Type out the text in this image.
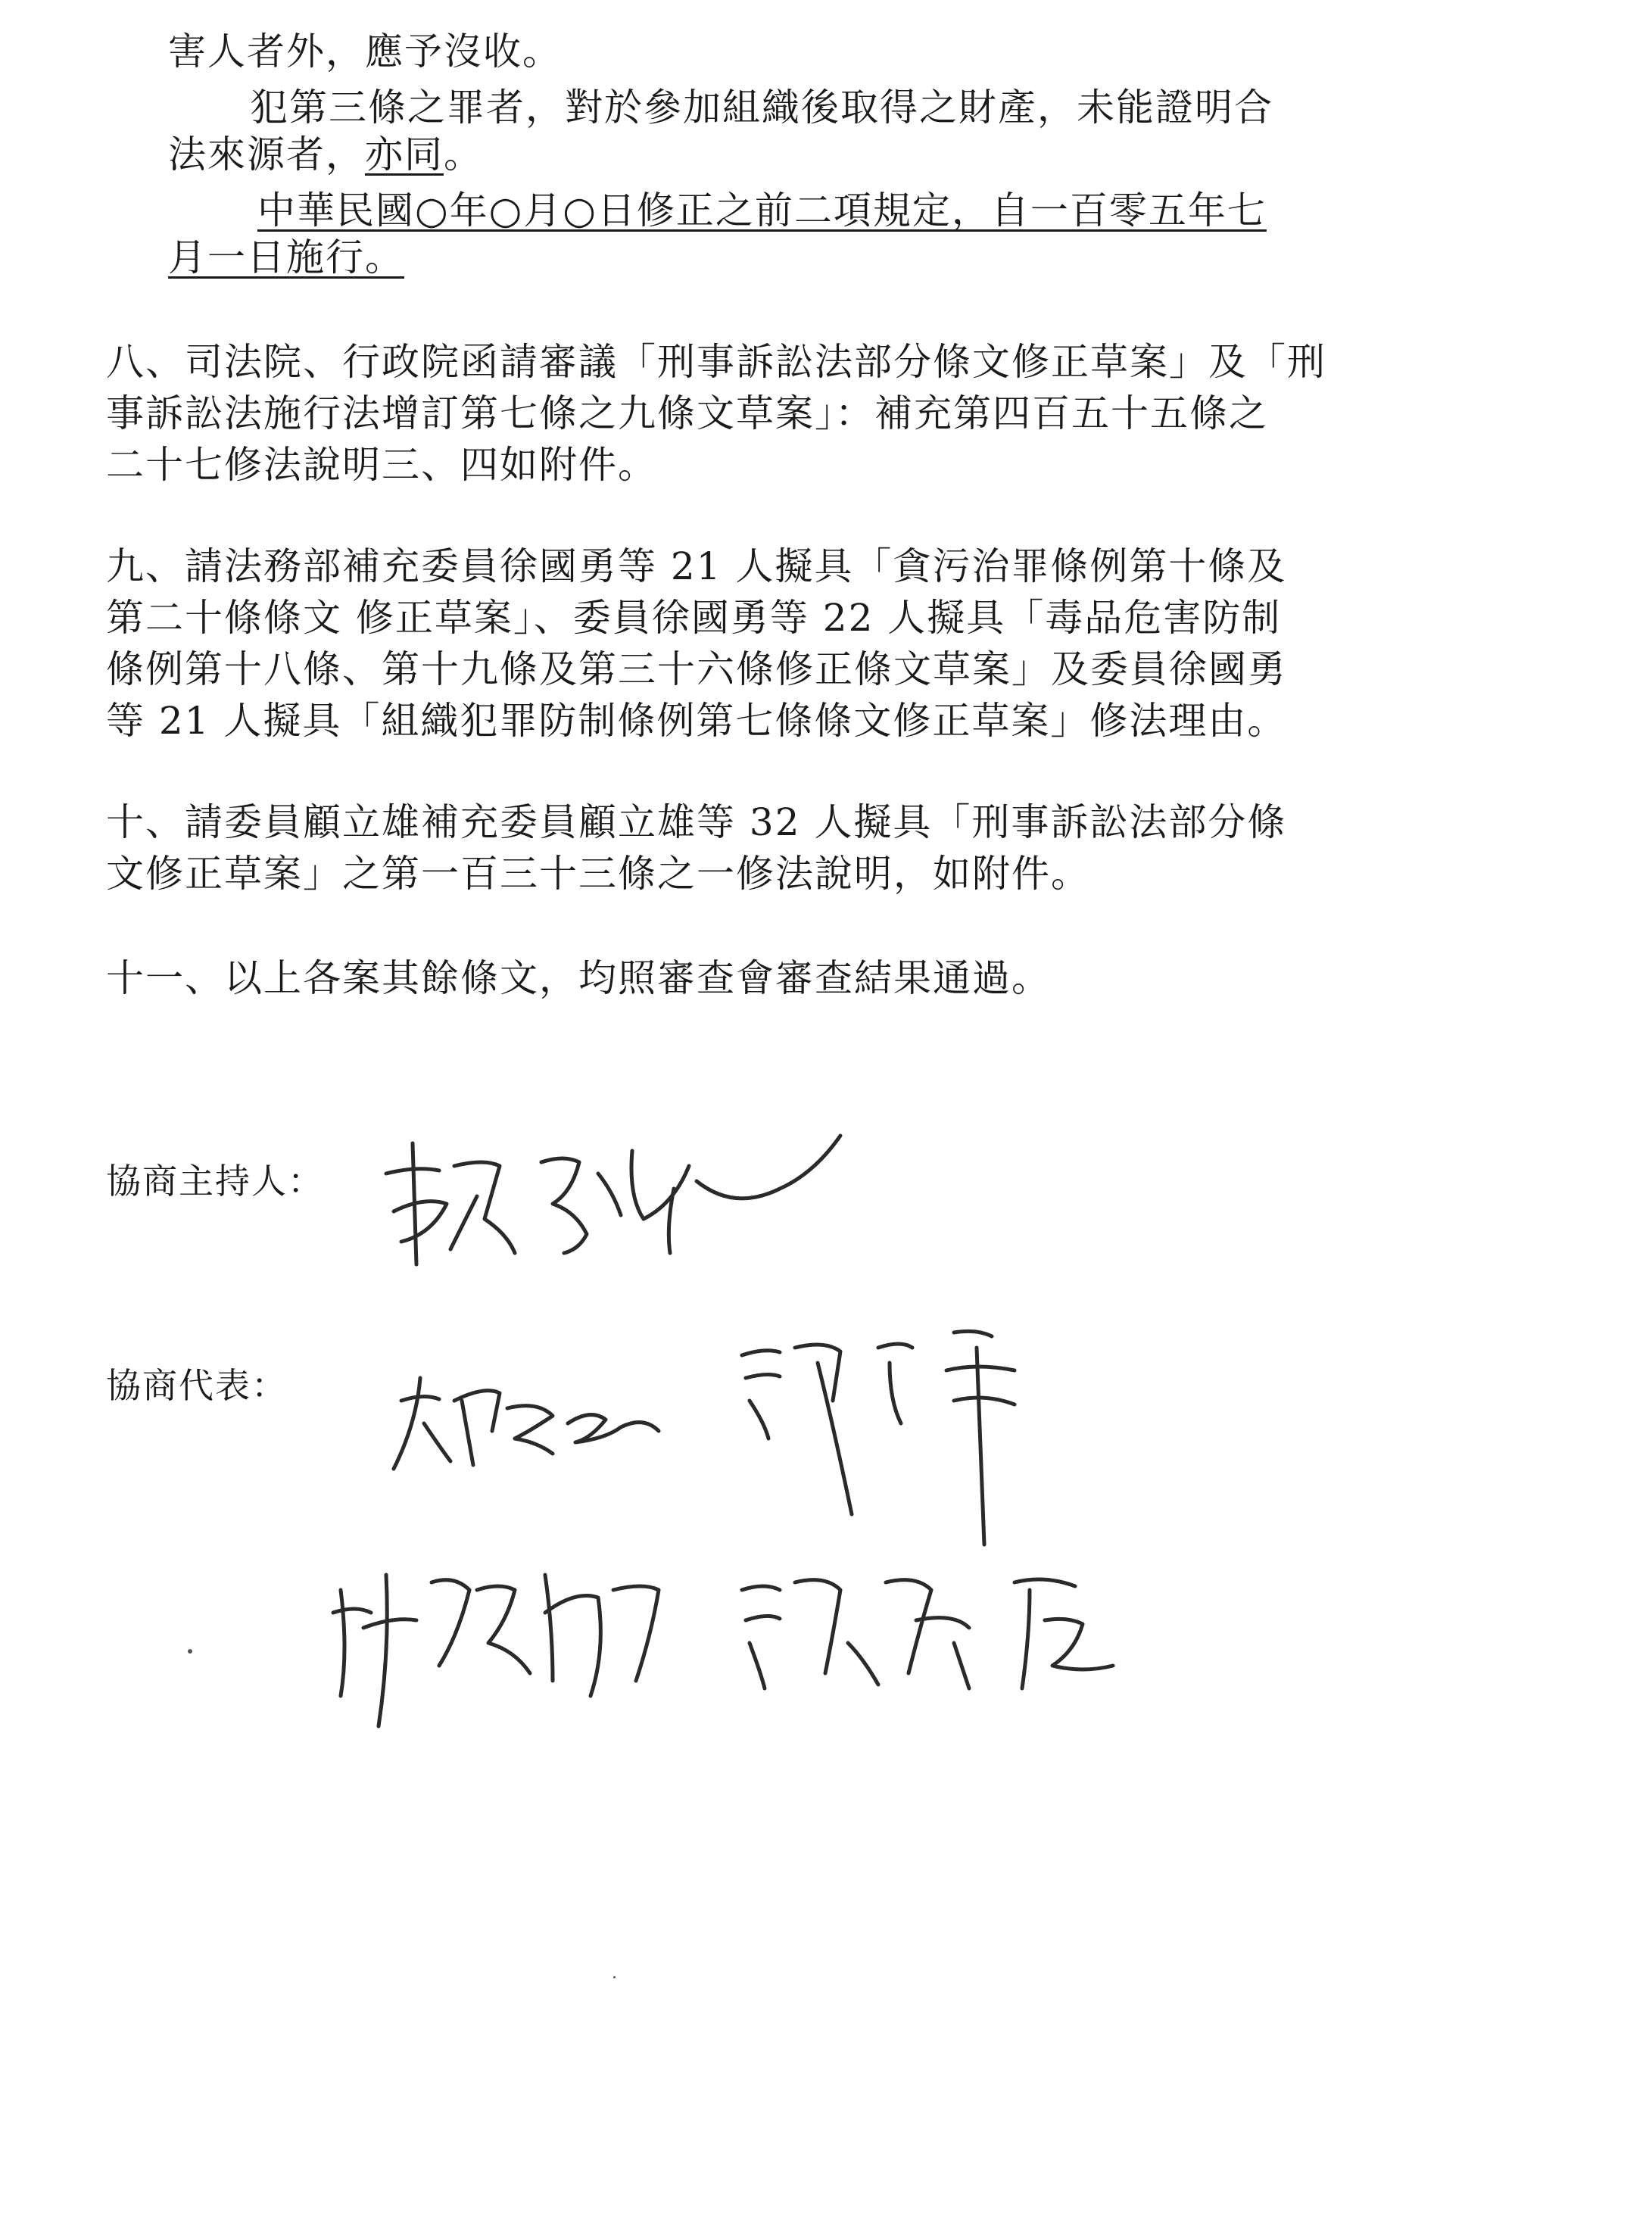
害人者外，應予沒收。
犯第三條之罪者，對於參加組織後取得之財產，未能證明合
法來源者，亦同。
中華民國○年○月○日修正之前二項規定，自一百零五年七
月一日施行。
八、司法院、行政院函請審議「刑事訴訟法部分條文修正草案」及「刑
事訴訟法施行法增訂第七條之九條文草案」：補充第四百五十五條之
二十七修法說明三、四如附件。
九、請法務部補充委員徐國勇等 21 人擬具「貪污治罪條例第十條及
第二十條條文 修正草案」、委員徐國勇等 22 人擬具「毒品危害防制
條例第十八條、第十九條及第三十六條修正條文草案」及委員徐國勇
等 21 人擬具「組織犯罪防制條例第七條條文修正草案」修法理由。
十、請委員顧立雄補充委員顧立雄等 32 人擬具「刑事訴訟法部分條
文修正草案」之第一百三十三條之一修法說明，如附件。
十一、以上各案其餘條文，均照審查會審查結果通過。
協商主持人：
協商代表：
